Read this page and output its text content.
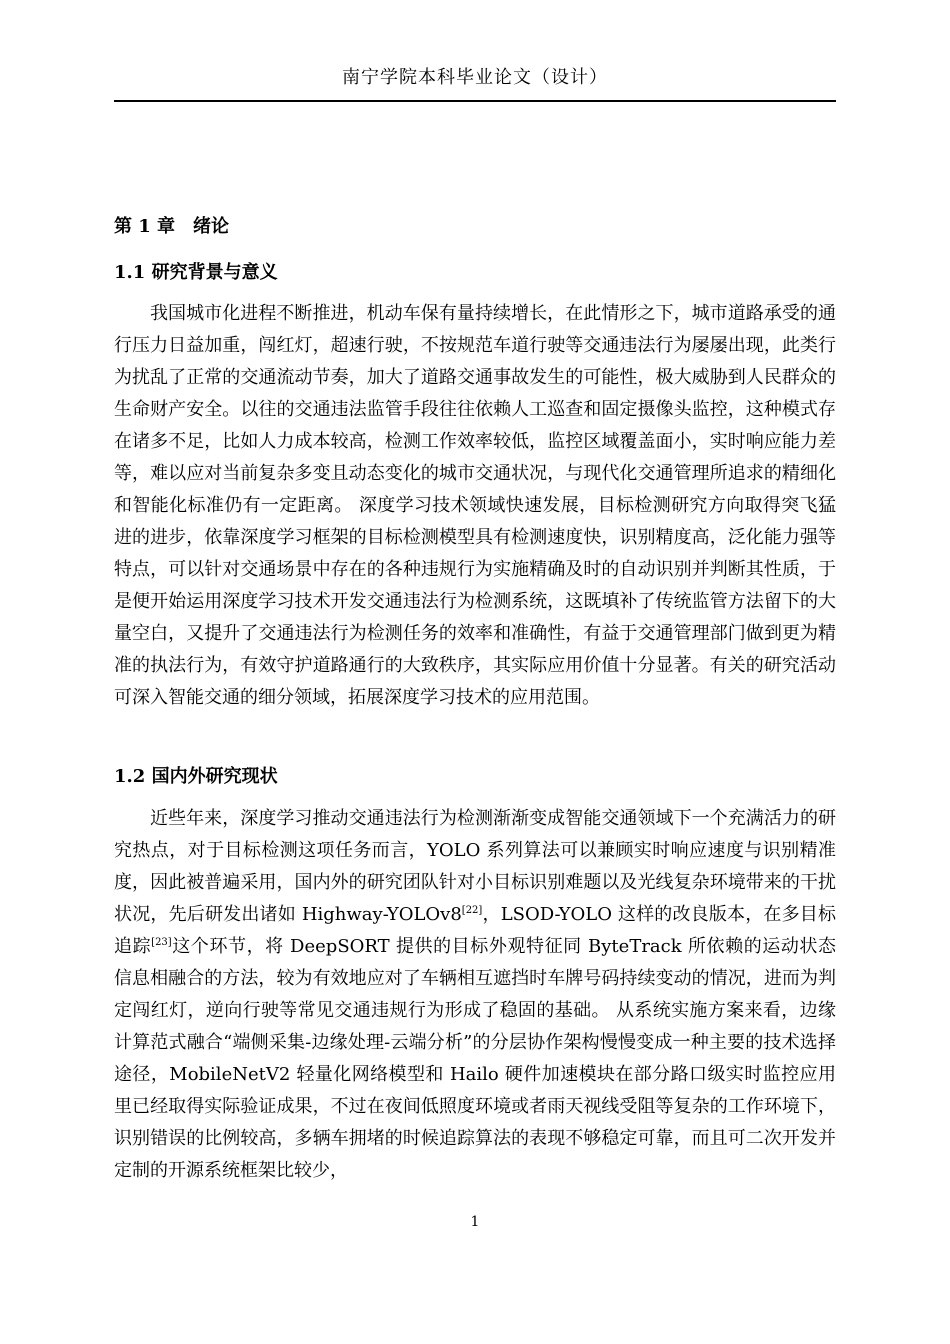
南宁学院本科毕业论文（设计）
第 1 章　绪论
1.1 研究背景与意义
我国城市化进程不断推进，机动车保有量持续增长，在此情形之下，城市道路承受的通行压力日益加重，闯红灯，超速行驶，不按规范车道行驶等交通违法行为屡屡出现，此类行为扰乱了正常的交通流动节奏，加大了道路交通事故发生的可能性，极大威胁到人民群众的生命财产安全。以往的交通违法监管手段往往依赖人工巡查和固定摄像头监控，这种模式存在诸多不足，比如人力成本较高，检测工作效率较低，监控区域覆盖面小，实时响应能力差等，难以应对当前复杂多变且动态变化的城市交通状况，与现代化交通管理所追求的精细化和智能化标准仍有一定距离。 深度学习技术领域快速发展，目标检测研究方向取得突飞猛进的进步，依靠深度学习框架的目标检测模型具有检测速度快，识别精度高，泛化能力强等特点，可以针对交通场景中存在的各种违规行为实施精确及时的自动识别并判断其性质，于是便开始运用深度学习技术开发交通违法行为检测系统，这既填补了传统监管方法留下的大量空白，又提升了交通违法行为检测任务的效率和准确性，有益于交通管理部门做到更为精准的执法行为，有效守护道路通行的大致秩序，其实际应用价值十分显著。有关的研究活动可深入智能交通的细分领域，拓展深度学习技术的应用范围。
1.2 国内外研究现状
近些年来，深度学习推动交通违法行为检测渐渐变成智能交通领域下一个充满活力的研究热点，对于目标检测这项任务而言，YOLO 系列算法可以兼顾实时响应速度与识别精准度，因此被普遍采用，国内外的研究团队针对小目标识别难题以及光线复杂环境带来的干扰状况，先后研发出诸如 Highway-YOLOv8[22]，LSOD-YOLO 这样的改良版本，在多目标追踪[23]这个环节，将 DeepSORT 提供的目标外观特征同 ByteTrack 所依赖的运动状态信息相融合的方法，较为有效地应对了车辆相互遮挡时车牌号码持续变动的情况，进而为判定闯红灯，逆向行驶等常见交通违规行为形成了稳固的基础。 从系统实施方案来看，边缘计算范式融合“端侧采集-边缘处理-云端分析”的分层协作架构慢慢变成一种主要的技术选择途径，MobileNetV2 轻量化网络模型和 Hailo 硬件加速模块在部分路口级实时监控应用里已经取得实际验证成果，不过在夜间低照度环境或者雨天视线受阻等复杂的工作环境下，识别错误的比例较高，多辆车拥堵的时候追踪算法的表现不够稳定可靠，而且可二次开发并定制的开源系统框架比较少，
1
